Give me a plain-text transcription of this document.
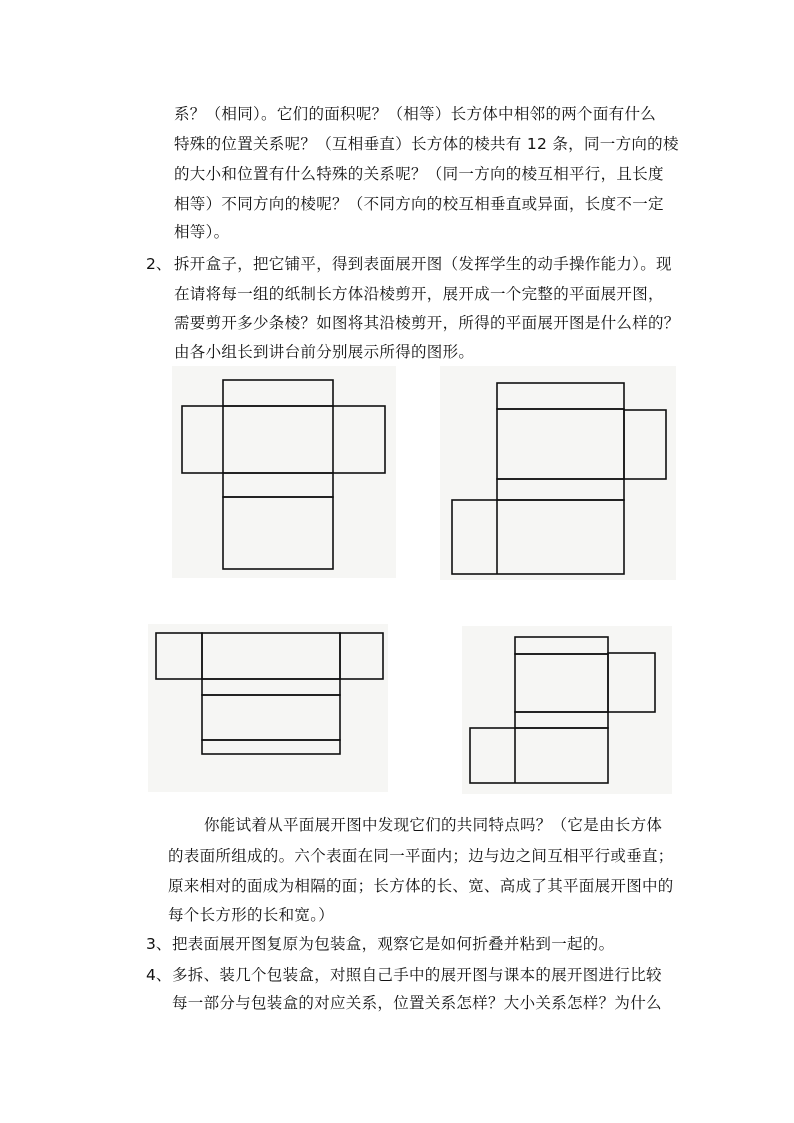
系？（相同）。它们的面积呢？（相等）长方体中相邻的两个面有什么
特殊的位置关系呢？（互相垂直）长方体的棱共有 12 条，同一方向的棱
的大小和位置有什么特殊的关系呢？（同一方向的棱互相平行，且长度
相等）不同方向的棱呢？（不同方向的校互相垂直或异面，长度不一定
相等）。
2、 拆开盒子，把它铺平，得到表面展开图（发挥学生的动手操作能力）。现
在请将每一组的纸制长方体沿棱剪开，展开成一个完整的平面展开图，
需要剪开多少条棱？如图将其沿棱剪开，所得的平面展开图是什么样的？
由各小组长到讲台前分别展示所得的图形。
你能试着从平面展开图中发现它们的共同特点吗？（它是由长方体
的表面所组成的。六个表面在同一平面内；边与边之间互相平行或垂直；
原来相对的面成为相隔的面；长方体的长、宽、高成了其平面展开图中的
每个长方形的长和宽。）
3、 把表面展开图复原为包装盒，观察它是如何折叠并粘到一起的。
4、 多拆、装几个包装盒，对照自己手中的展开图与课本的展开图进行比较
每一部分与包装盒的对应关系，位置关系怎样？大小关系怎样？为什么
